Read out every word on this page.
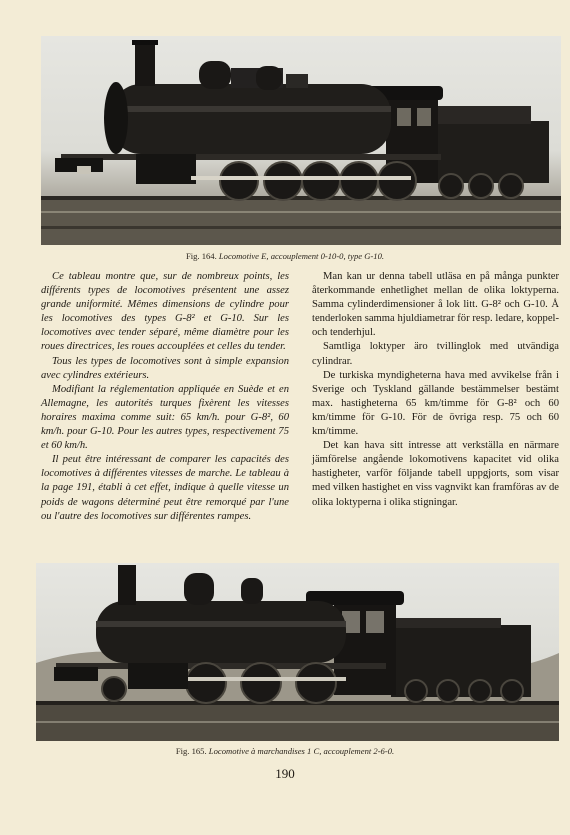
Fig. 164. Locomotive E, accouplement 0-10-0, type G-10.

Ce tableau montre que, sur de nombreux points, les différents types de locomotives présentent une assez grande uniformité. Mêmes dimensions de cylindre pour les locomotives des types G-8² et G-10. Sur les locomotives avec tender séparé, même diamètre pour les roues directrices, les roues accouplées et celles du tender.

Tous les types de locomotives sont à simple expansion avec cylindres extérieurs.

Modifiant la réglementation appliquée en Suède et en Allemagne, les autorités turques fixèrent les vitesses horaires maxima comme suit: 65 km/h. pour G-8², 60 km/h. pour G-10. Pour les autres types, respectivement 75 et 60 km/h.

Il peut être intéressant de comparer les capacités des locomotives à différentes vitesses de marche. Le tableau à la page 191, établi à cet effet, indique à quelle vitesse un poids de wagons déterminé peut être remorqué par l'une ou l'autre des locomotives sur différentes rampes.

Man kan ur denna tabell utläsa en på många punkter återkommande enhetlighet mellan de olika loktyperna. Samma cylinderdimensioner å lok litt. G-8² och G-10. Å tenderloken samma hjuldiametrar för resp. ledare, koppel- och tenderhjul.

Samtliga loktyper äro tvillinglok med utvändiga cylindrar.

De turkiska myndigheterna hava med avvikelse från i Sverige och Tyskland gällande bestämmelser bestämt max. hastigheterna 65 km/timme för G-8² och 60 km/timme för G-10. För de övriga resp. 75 och 60 km/timme.

Det kan hava sitt intresse att verkställa en närmare jämförelse angående lokomotivens kapacitet vid olika hastigheter, varför följande tabell uppgjorts, som visar med vilken hastighet en viss vagnvikt kan framföras av de olika loktyperna i olika stigningar.

Fig. 165. Locomotive à marchandises 1 C, accouplement 2-6-0.
190
